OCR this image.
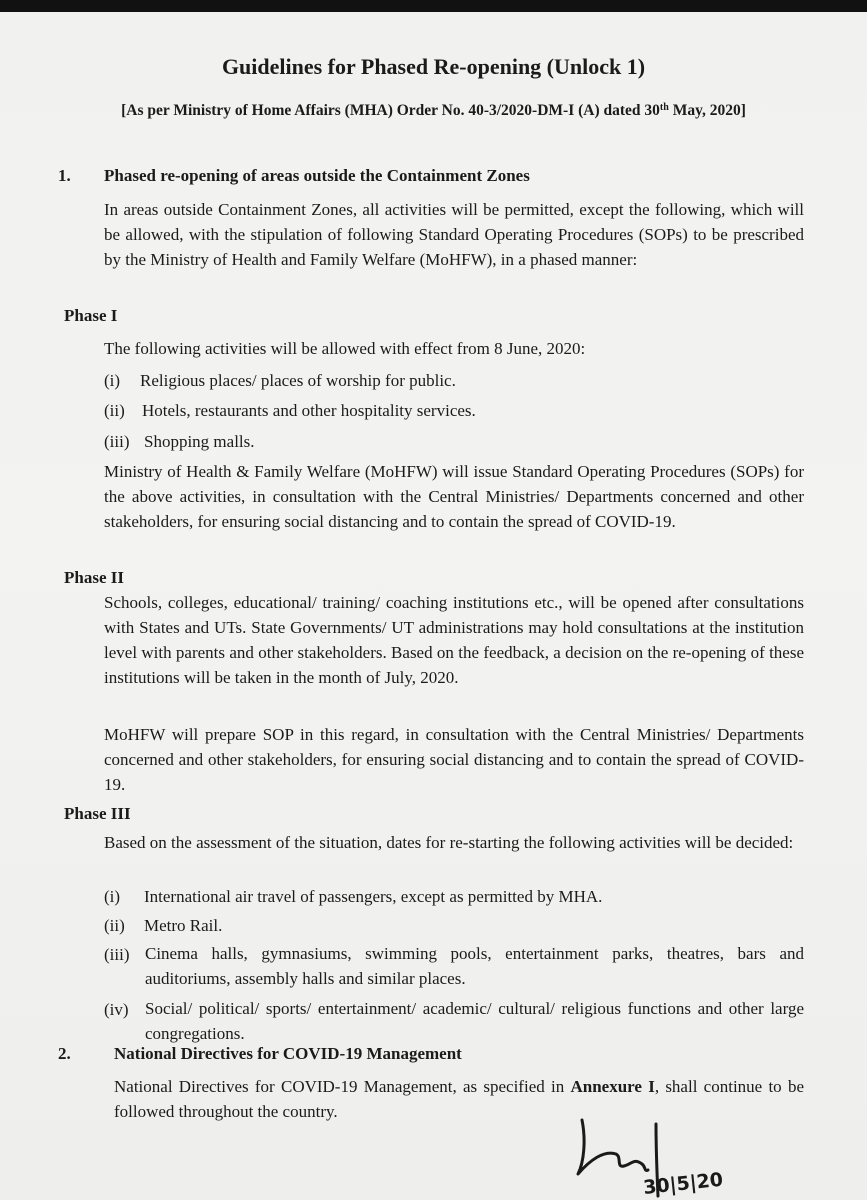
Guidelines for Phased Re-opening (Unlock 1)
[As per Ministry of Home Affairs (MHA) Order No. 40-3/2020-DM-I (A) dated 30th May, 2020]
1. Phased re-opening of areas outside the Containment Zones
In areas outside Containment Zones, all activities will be permitted, except the following, which will be allowed, with the stipulation of following Standard Operating Procedures (SOPs) to be prescribed by the Ministry of Health and Family Welfare (MoHFW), in a phased manner:
Phase I
The following activities will be allowed with effect from 8 June, 2020:
(i) Religious places/ places of worship for public.
(ii) Hotels, restaurants and other hospitality services.
(iii) Shopping malls.
Ministry of Health & Family Welfare (MoHFW) will issue Standard Operating Procedures (SOPs) for the above activities, in consultation with the Central Ministries/ Departments concerned and other stakeholders, for ensuring social distancing and to contain the spread of COVID-19.
Phase II
Schools, colleges, educational/ training/ coaching institutions etc., will be opened after consultations with States and UTs. State Governments/ UT administrations may hold consultations at the institution level with parents and other stakeholders. Based on the feedback, a decision on the re-opening of these institutions will be taken in the month of July, 2020.
MoHFW will prepare SOP in this regard, in consultation with the Central Ministries/ Departments concerned and other stakeholders, for ensuring social distancing and to contain the spread of COVID-19.
Phase III
Based on the assessment of the situation, dates for re-starting the following activities will be decided:
(i) International air travel of passengers, except as permitted by MHA.
(ii) Metro Rail.
(iii) Cinema halls, gymnasiums, swimming pools, entertainment parks, theatres, bars and auditoriums, assembly halls and similar places.
(iv) Social/ political/ sports/ entertainment/ academic/ cultural/ religious functions and other large congregations.
2.	National Directives for COVID-19 Management
National Directives for COVID-19 Management, as specified in Annexure I, shall continue to be followed throughout the country.
30|5|20
